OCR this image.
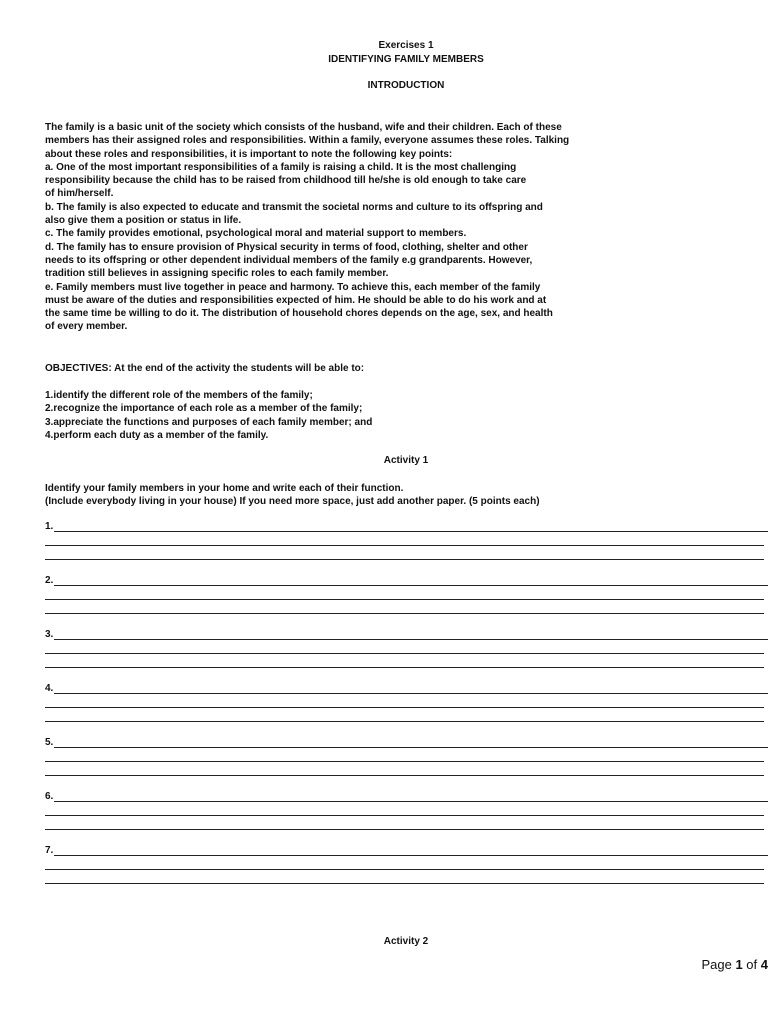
Exercises 1
IDENTIFYING FAMILY MEMBERS
INTRODUCTION
The family is a basic unit of the society which consists of the husband, wife and their children. Each of these
members has their assigned roles and responsibilities. Within a family, everyone assumes these roles. Talking
about these roles and responsibilities, it is important to note the following key points:
a. One of the most important responsibilities of a family is raising a child. It is the most challenging
responsibility because the child has to be raised from childhood till he/she is old enough to take care
of him/herself.
b. The family is also expected to educate and transmit the societal norms and culture to its offspring and
also give them a position or status in life.
c. The family provides emotional, psychological moral and material support to members.
d. The family has to ensure provision of Physical security in terms of food, clothing, shelter and other
needs to its offspring or other dependent individual members of the family e.g grandparents. However,
tradition still believes in assigning specific roles to each family member.
e. Family members must live together in peace and harmony. To achieve this, each member of the family
must be aware of the duties and responsibilities expected of him. He should be able to do his work and at
the same time be willing to do it. The distribution of household chores depends on the age, sex, and health
of every member.
OBJECTIVES: At the end of the activity the students will be able to:
1.identify the different role of the members of the family;
2.recognize the importance of each role as a member of the family;
3.appreciate the functions and purposes of each family member; and
4.perform each duty as a member of the family.
Activity 1
Identify your family members in your home and write each of their function.
(Include everybody living in your house) If you need more space, just add another paper. (5 points each)
1.
2.
3.
4.
5.
6.
7.
Activity 2
Page 1 of 4
